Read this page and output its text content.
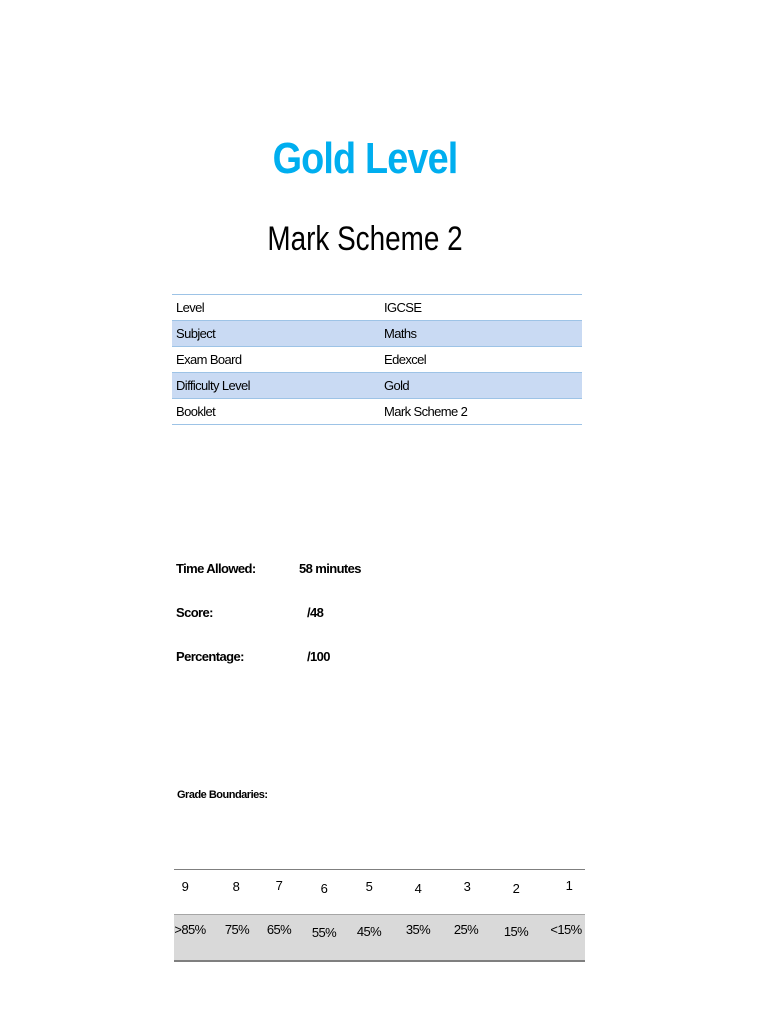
Gold Level
Mark Scheme 2
Level	IGCSE
Subject	Maths
Exam Board	Edexcel
Difficulty Level	Gold
Booklet	Mark Scheme 2
Time Allowed:	58 minutes
Score:	/48
Percentage:	/100
Grade Boundaries:
9	8	7	6	5	4	3	2	1
>85% 75% 65% 55% 45% 35% 25% 15% <15%
